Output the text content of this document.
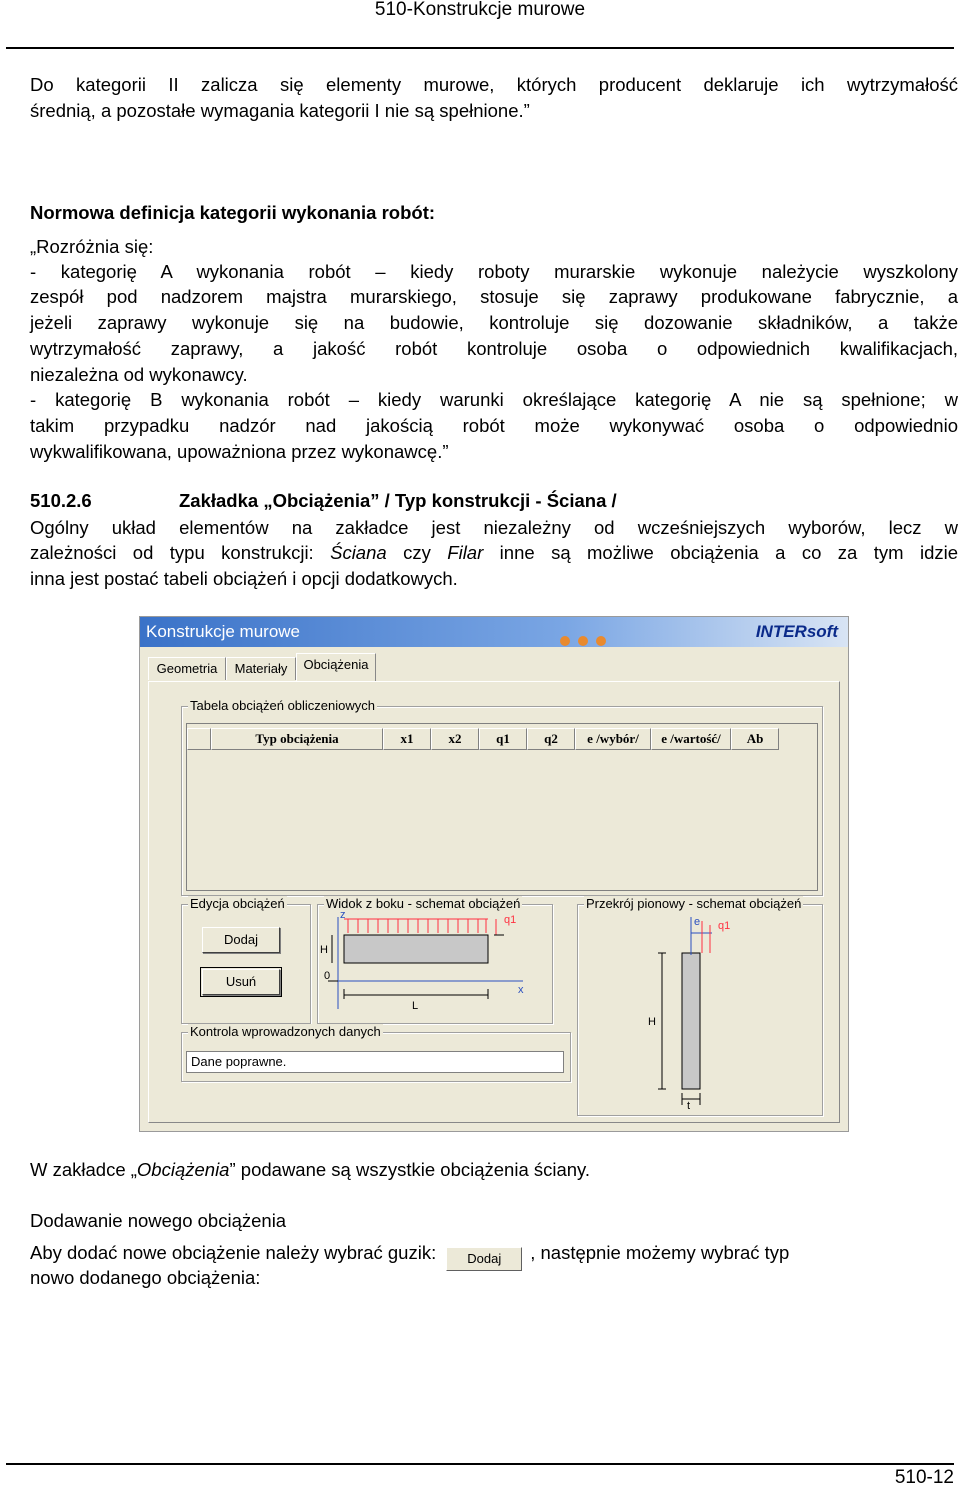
510-Konstrukcje murowe
Do kategorii II zalicza się elementy murowe, których producent deklaruje ich wytrzymałość
średnią, a pozostałe wymagania kategorii I nie są spełnione.”
Normowa definicja kategorii wykonania robót:
„Rozróżnia się:
- kategorię A wykonania robót – kiedy roboty murarskie wykonuje należycie wyszkolony
zespół pod nadzorem majstra murarskiego, stosuje się zaprawy produkowane fabrycznie, a
jeżeli zaprawy wykonuje się na budowie, kontroluje się dozowanie składników, a także
wytrzymałość zaprawy, a jakość robót kontroluje osoba o odpowiednich kwalifikacjach,
niezależna od wykonawcy.
- kategorię B wykonania robót – kiedy warunki określające kategorię A nie są spełnione; w
takim przypadku nadzór nad jakością robót może wykonywać osoba o odpowiednio
wykwalifikowana, upoważniona przez wykonawcę.”
510.2.6	Zakładka „Obciążenia” / Typ konstrukcji - Ściana /
Ogólny układ elementów na zakładce jest niezależny od wcześniejszych wyborów, lecz w
zależności od typu konstrukcji: Ściana czy Filar inne są możliwe obciążenia a co za tym idzie
inna jest postać tabeli obciążeń i opcji dodatkowych.
Konstrukcje murowe	INTERsoft
Geometria	Materiały	Obciążenia
Tabela obciążeń obliczeniowych
Typ obciążenia	x1	x2	q1	q2	e /wybór/	e /wartość/	Ab
Edycja obciążeń
Dodaj
Usuń
Widok z boku - schemat obciążeń
z	q1
H
0
x
L
Przekrój pionowy - schemat obciążeń
e q1
H
t
Kontrola wprowadzonych danych
Dane poprawne.
W zakładce „Obciążenia” podawane są wszystkie obciążenia ściany.
Dodawanie nowego obciążenia
Aby dodać nowe obciążenie należy wybrać guzik: Dodaj , następnie możemy wybrać typ
nowo dodanego obciążenia:
510-12
